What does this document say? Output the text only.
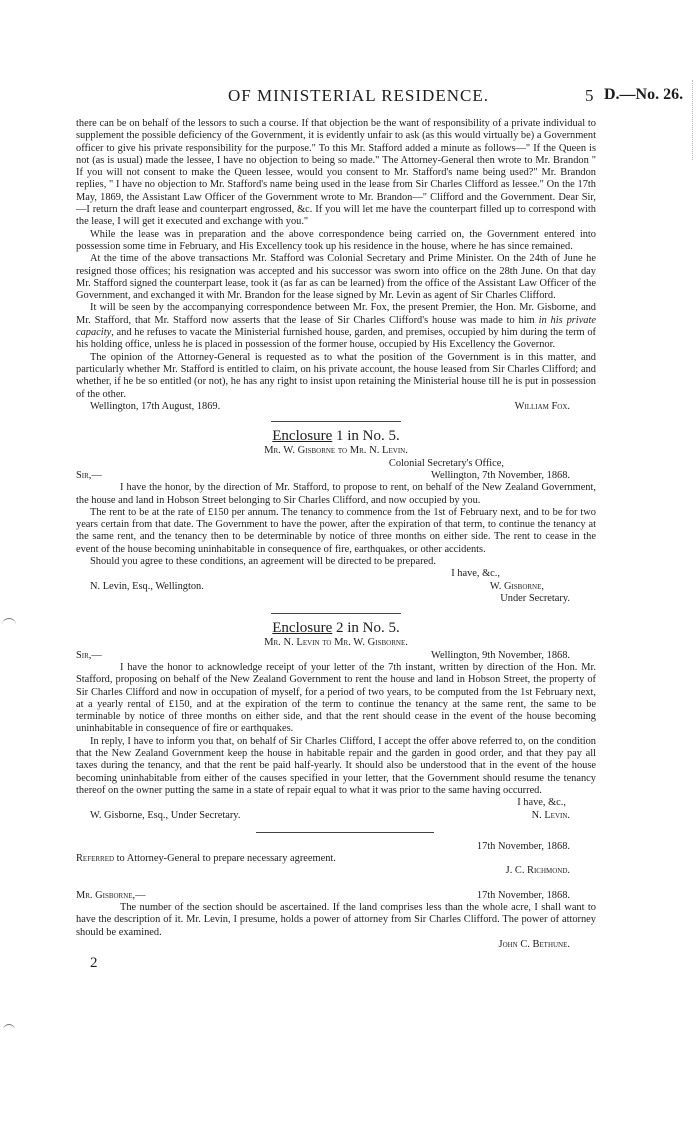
OF MINISTERIAL RESIDENCE.	5 D.—No. 26.

there can be on behalf of the lessors to such a course. If that objection be the want of responsibility of a private individual to supplement the possible deficiency of the Government, it is evidently unfair to ask (as this would virtually be) a Government officer to give his private responsibility for the purpose." To this Mr. Stafford added a minute as follows—" If the Queen is not (as is usual) made the lessee, I have no objection to being so made." The Attorney-General then wrote to Mr. Brandon " If you will not consent to make the Queen lessee, would you consent to Mr. Stafford's name being used?" Mr. Brandon replies, " I have no objection to Mr. Stafford's name being used in the lease from Sir Charles Clifford as lessee." On the 17th May, 1869, the Assistant Law Officer of the Government wrote to Mr. Brandon—" Clifford and the Government. Dear Sir,—I return the draft lease and counterpart engrossed, &c. If you will let me have the counterpart filled up to correspond with the lease, I will get it executed and exchange with you."

While the lease was in preparation and the above correspondence being carried on, the Government entered into possession some time in February, and His Excellency took up his residence in the house, where he has since remained.

At the time of the above transactions Mr. Stafford was Colonial Secretary and Prime Minister. On the 24th of June he resigned those offices; his resignation was accepted and his successor was sworn into office on the 28th June. On that day Mr. Stafford signed the counterpart lease, took it (as far as can be learned) from the office of the Assistant Law Officer of the Government, and exchanged it with Mr. Brandon for the lease signed by Mr. Levin as agent of Sir Charles Clifford.

It will be seen by the accompanying correspondence between Mr. Fox, the present Premier, the Hon. Mr. Gisborne, and Mr. Stafford, that Mr. Stafford now asserts that the lease of Sir Charles Clifford's house was made to him in his private capacity, and he refuses to vacate the Ministerial furnished house, garden, and premises, occupied by him during the term of his holding office, unless he is placed in possession of the former house, occupied by His Excellency the Governor.

The opinion of the Attorney-General is requested as to what the position of the Government is in this matter, and particularly whether Mr. Stafford is entitled to claim, on his private account, the house leased from Sir Charles Clifford; and whether, if he be so entitled (or not), he has any right to insist upon retaining the Ministerial house till he is put in possession of the other.

Wellington, 17th August, 1869.	William Fox.
Enclosure 1 in No. 5.
Mr. W. Gisborne to Mr. N. Levin.
Colonial Secretary's Office,
Sir,—	Wellington, 7th November, 1868.

I have the honor, by the direction of Mr. Stafford, to propose to rent, on behalf of the New Zealand Government, the house and land in Hobson Street belonging to Sir Charles Clifford, and now occupied by you.

The rent to be at the rate of £150 per annum. The tenancy to commence from the 1st of February next, and to be for two years certain from that date. The Government to have the power, after the expiration of that term, to continue the tenancy at the same rent, and the tenancy then to be determinable by notice of three months on either side. The rent to cease in the event of the house becoming uninhabitable in consequence of fire, earthquakes, or other accidents.

Should you agree to these conditions, an agreement will be directed to be prepared.

I have, &c.,
N. Levin, Esq., Wellington.	W. Gisborne,
Under Secretary.
Enclosure 2 in No. 5.
Mr. N. Levin to Mr. W. Gisborne.
Sir,—	Wellington, 9th November, 1868.

I have the honor to acknowledge receipt of your letter of the 7th instant, written by direction of the Hon. Mr. Stafford, proposing on behalf of the New Zealand Government to rent the house and land in Hobson Street, the property of Sir Charles Clifford and now in occupation of myself, for a period of two years, to be computed from the 1st February next, at a yearly rental of £150, and at the expiration of the term to continue the tenancy at the same rent, the same to be terminable by notice of three months on either side, and that the rent should cease in the event of the house becoming uninhabitable in consequence of fire or earthquakes.

In reply, I have to inform you that, on behalf of Sir Charles Clifford, I accept the offer above referred to, on the condition that the New Zealand Government keep the house in habitable repair and the garden in good order, and that they pay all taxes during the tenancy, and that the rent be paid half-yearly. It should also be understood that in the event of the house becoming uninhabitable from either of the causes specified in your letter, that the Government should resume the tenancy thereof on the owner putting the same in a state of repair equal to what it was prior to the same having occurred.

I have, &c.,
W. Gisborne, Esq., Under Secretary.	N. Levin.
17th November, 1868.

Referred to Attorney-General to prepare necessary agreement.

J. C. Richmond.
Mr. Gisborne,—	17th November, 1868.

The number of the section should be ascertained. If the land comprises less than the whole acre, I shall want to have the description of it. Mr. Levin, I presume, holds a power of attorney from Sir Charles Clifford. The power of attorney should be examined.

John C. Bethune.
2
